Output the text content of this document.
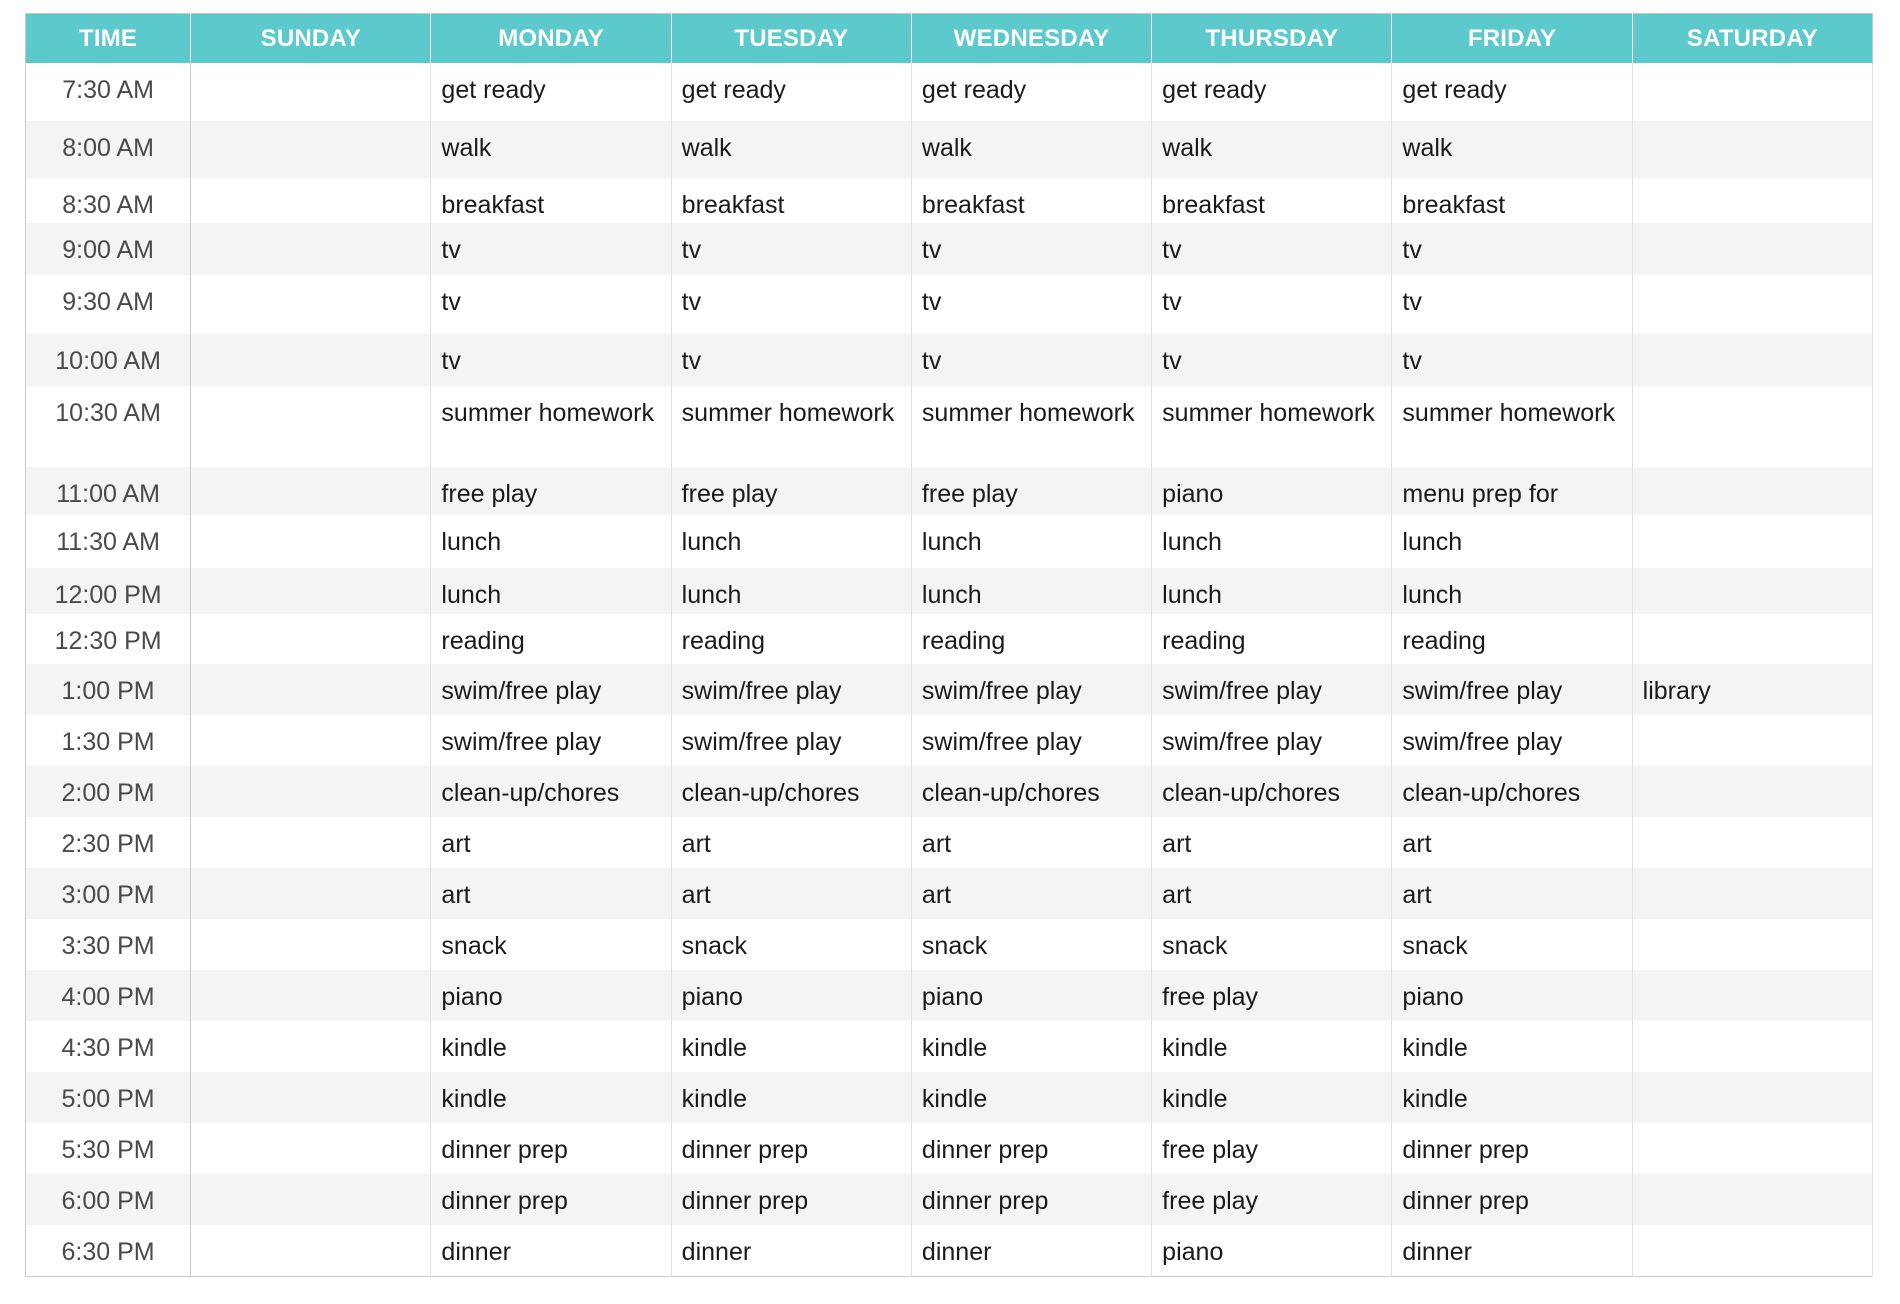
TIME	SUNDAY	MONDAY	TUESDAY	WEDNESDAY	THURSDAY	FRIDAY	SATURDAY
7:30 AM		get ready	get ready	get ready	get ready	get ready	
8:00 AM		walk	walk	walk	walk	walk	
8:30 AM		breakfast	breakfast	breakfast	breakfast	breakfast	
9:00 AM		tv	tv	tv	tv	tv	
9:30 AM		tv	tv	tv	tv	tv	
10:00 AM		tv	tv	tv	tv	tv	
10:30 AM		summer homework	summer homework	summer homework	summer homework	summer homework	
11:00 AM		free play	free play	free play	piano	menu prep for	
11:30 AM		lunch	lunch	lunch	lunch	lunch	
12:00 PM		lunch	lunch	lunch	lunch	lunch	
12:30 PM		reading	reading	reading	reading	reading	
1:00 PM		swim/free play	swim/free play	swim/free play	swim/free play	swim/free play	library
1:30 PM		swim/free play	swim/free play	swim/free play	swim/free play	swim/free play	
2:00 PM		clean-up/chores	clean-up/chores	clean-up/chores	clean-up/chores	clean-up/chores	
2:30 PM		art	art	art	art	art	
3:00 PM		art	art	art	art	art	
3:30 PM		snack	snack	snack	snack	snack	
4:00 PM		piano	piano	piano	free play	piano	
4:30 PM		kindle	kindle	kindle	kindle	kindle	
5:00 PM		kindle	kindle	kindle	kindle	kindle	
5:30 PM		dinner prep	dinner prep	dinner prep	free play	dinner prep	
6:00 PM		dinner prep	dinner prep	dinner prep	free play	dinner prep	
6:30 PM		dinner	dinner	dinner	piano	dinner	
